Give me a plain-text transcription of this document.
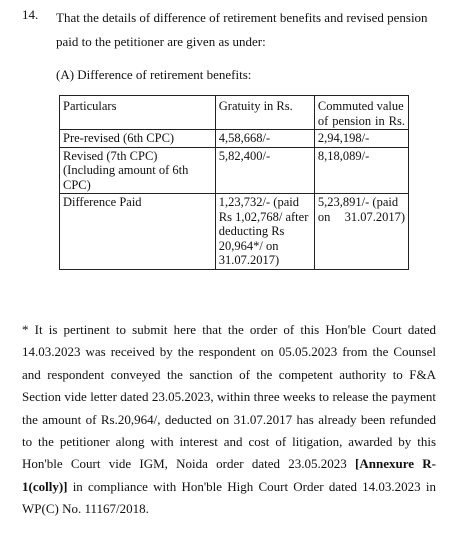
14. That the details of difference of retirement benefits and revised pension paid to the petitioner are given as under:
(A) Difference of retirement benefits:
Particulars	Gratuity in Rs.	Commuted value of pension in Rs.
Pre-revised (6th CPC)	4,58,668/-	2,94,198/-
Revised (7th CPC) (Including amount of 6th CPC)	5,82,400/-	8,18,089/-
Difference Paid	1,23,732/- (paid Rs 1,02,768/ after deducting Rs 20,964*/ on 31.07.2017)	5,23,891/- (paid on 31.07.2017)
* It is pertinent to submit here that the order of this Hon'ble Court dated 14.03.2023 was received by the respondent on 05.05.2023 from the Counsel and respondent conveyed the sanction of the competent authority to F&A Section vide letter dated 23.05.2023, within three weeks to release the payment the amount of Rs.20,964/, deducted on 31.07.2017 has already been refunded to the petitioner along with interest and cost of litigation, awarded by this Hon'ble Court vide IGM, Noida order dated 23.05.2023 [Annexure R-1(colly)] in compliance with Hon'ble High Court Order dated 14.03.2023 in WP(C) No. 11167/2018.
